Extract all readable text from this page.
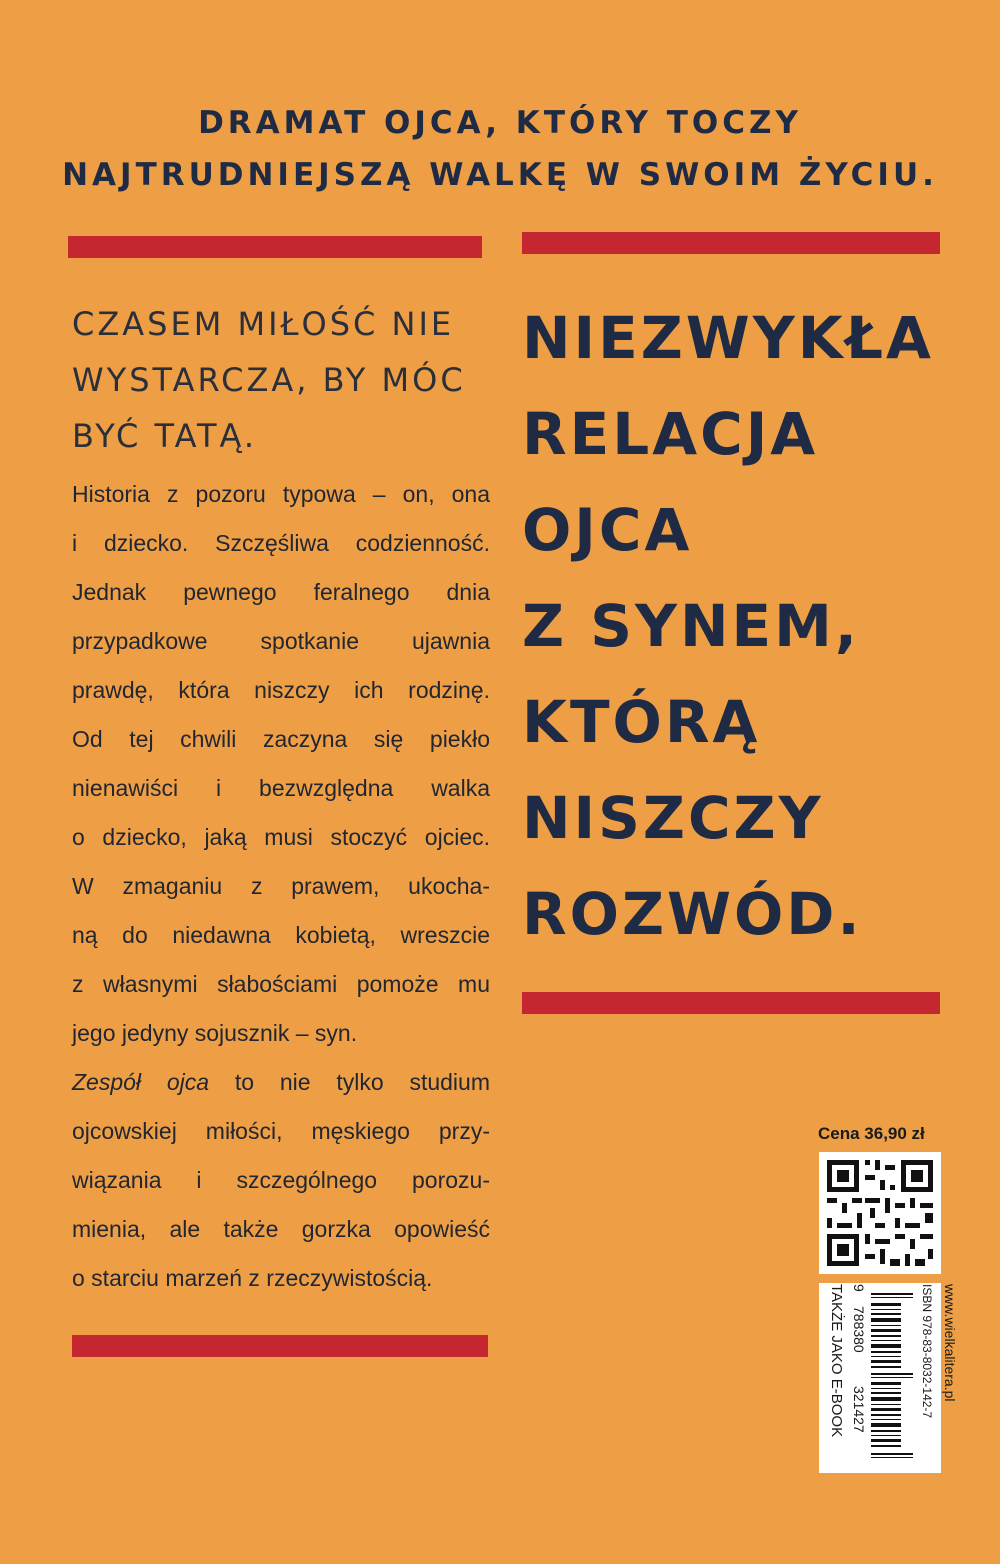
DRAMAT OJCA, KTÓRY TOCZY
NAJTRUDNIEJSZĄ WALKĘ W SWOIM ŻYCIU.
CZASEM MIŁOŚĆ NIE
WYSTARCZA, BY MÓC
BYĆ TATĄ.
Historia z pozoru typowa – on, ona
i dziecko. Szczęśliwa codzienność.
Jednak pewnego feralnego dnia
przypadkowe spotkanie ujawnia
prawdę, która niszczy ich rodzinę.
Od tej chwili zaczyna się piekło
nienawiści i bezwzględna walka
o dziecko, jaką musi stoczyć ojciec.
W zmaganiu z prawem, ukocha-
ną do niedawna kobietą, wreszcie
z własnymi słabościami pomoże mu
jego jedyny sojusznik – syn.
Zespół ojca to nie tylko studium
ojcowskiej miłości, męskiego przy-
wiązania i szczególnego porozu-
mienia, ale także gorzka opowieść
o starciu marzeń z rzeczywistością.
NIEZWYKŁA
RELACJA
OJCA
Z SYNEM,
KTÓRĄ
NISZCZY
ROZWÓD.
Cena 36,90 zł
TAKŻE JAKO E-BOOK 9
788380
321427	ISBN 978-83-8032-142-7 www.wielkalitera.pl
